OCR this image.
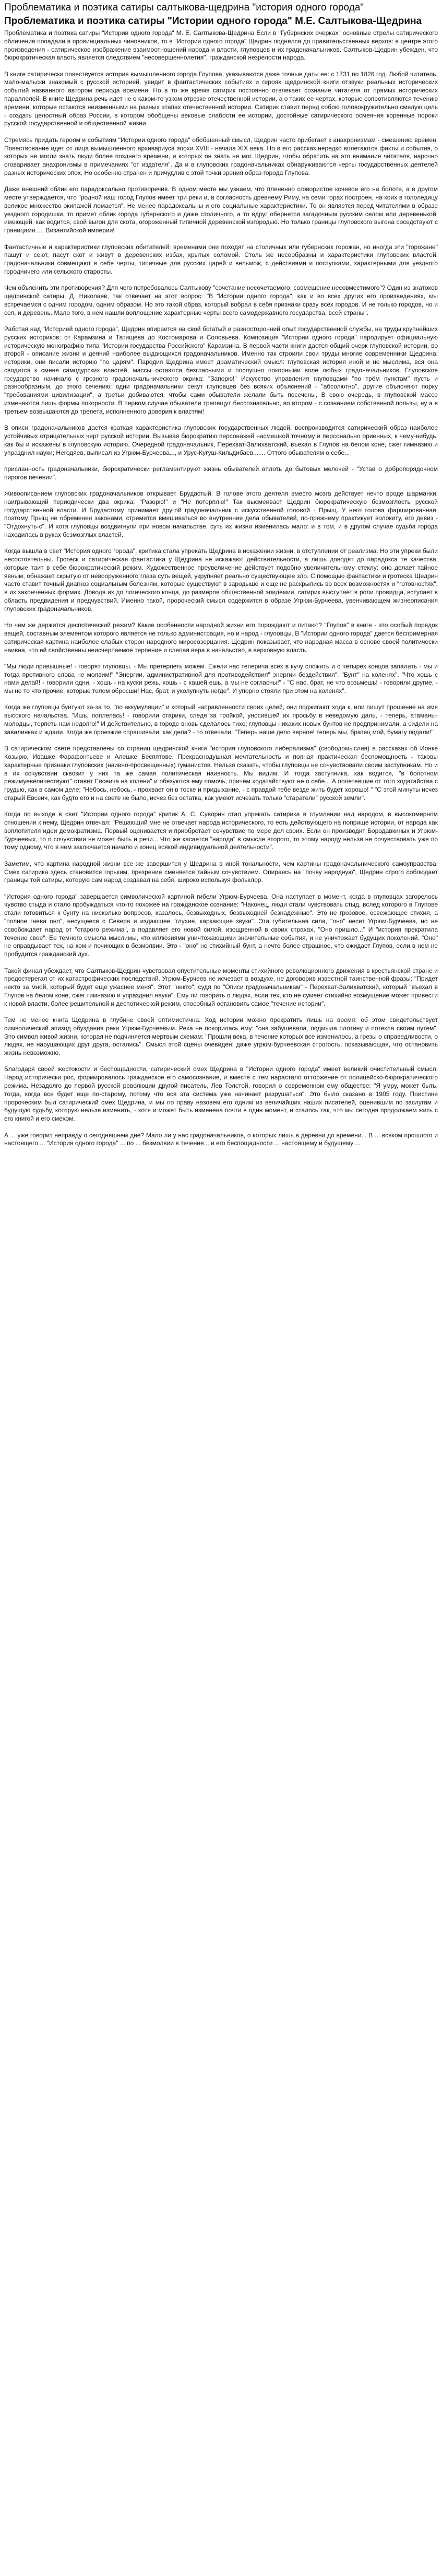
Проблематика и поэтика сатиры салтыкова-щедрина "история одного города"
Проблематика и поэтика сатиры "Истории одного города" М.Е. Салтыкова-Щедрина

Проблематика и поэтика сатиры "Истории одного города" М. Е. Салтыкова-Щедрина Если в "Губернских очерках" основные стрелы сатирического обличения попадали в провинциальных чиновников, то в "Истории одного города" Щедрин поднялся до правительственных верхов: в центре этого произведения - сатирическое изображение взаимоотношений народа и власти, глуповцев и их градоначальников. Салтыков-Щедрин убежден, что бюрократическая власть является следствием "несовершеннолетия", гражданской незрелости народа.

В книге сатирически повествуется история вымышленного города Глупова, указываются даже точные даты ее: с 1731 по 1826 год. Любой читатель, мало-мальски знакомый с русской историей, увидит в фантастических событиях и героях щедринской книги отзвуки реальных исторических событий названного автором периода времени. Но в то же время сатирик постоянно отвлекает сознание читателя от прямых исторических параллелей. В книге Щедрина речь идет не о каком-то узком отрезке отечественной истории, а о таких ее чертах, которые сопротивляются течению времени, которые остаются неизменными на разных этапах отечественной истории. Сатирик ставит перед собою головокружительно смелую цель - создать целостный образ России, в котором обобщены вековые слабости ее истории, достойные сатирического осмеяния коренные пороки русской государственной и общественной жизни.

Стремясь придать героям и событиям "Истории одного города" обобщенный смысл, Щедрин часто прибегает к анахронизмам - смешению времен. Повествование идет от лица вымышленного архивариуса эпохи XVIII - начала XIX века. Но в его рассказ нередко вплетаются факты и события, о которых не могли знать люди более позднего времени, и которых он знать не мог. Щедрин, чтобы обратить на это внимание читателя, нарочно оговаривает анахронизмы в примечаниях "от издателя". Да и в глуповских градоначальниках обнаруживаются черты государственных деятелей разных исторических эпох. Но особенно странен и причудлив с этой точки зрения образ города Глупова.

Даже внешний облик его парадоксально противоречив. В одном месте мы узнаем, что плененно сговористое кочевое его на болоте, а в другом месте утверждается, что "родной наш город Глупов имеет три реки и, в согласность древнему Риму, на семи горах построен, на коих в гололедицу великое множество экипажей ломается". Не менее парадоксальны и его социальные характеристики. То он является перед читателями в образе уездного городишки, то примет облик города губернского и даже столичного, а то вдруг обернется загадочным русским селом или деревенькой, имеющей, как водится, свой выгон для скота, огороженный типичной деревенской изгородью. Но только границы глуповского выгона соседствуют с границами..... Византийской империи!

Фантастичные и характеристики глуповских обитателей: временами они походят на столичных или губернских горожан, но иногда эти "горожане" пашут и сеют, пасут скот и живут в деревенских избах, крытых соломой. Столь же несообразны и характеристики глуповских властей: градоначальники совмещают в себе черты, типичные для русских царей и вельмож, с действиями и поступками, характерными для уездного городничего или сельского старосты.

Чем объяснить эти противоречия? Для чего потребовалось Салтыкову "сочетание несочетаемого, совмещение несовместимого"? Один из знатоков щедринской сатиры, Д. Николаев, так отвечает на этот вопрос: "В "Истории одного города", как и во всех других его произведениях, мы встречаемся с одним городом, одним образом. Но это такой образ, который вобрал в себя признаки сразу всех городов. И не только городов, но и сел, и деревень. Мало того, в нем нашли воплощение характерные черты всего самодержавного государства, всей страны".

Работая над "Историей одного города", Щедрин опирается на свой богатый и разносторонний опыт государственной службы, на труды крупнейших русских историков: от Карамзина и Татищева до Костомарова и Соловьева. Композиция "Истории одного города" пародирует официальную историческую монографию типа "Истории государства Российского" Карамзина. В первой части книги дается общий очерк глуповской истории, во второй - описание жизни и деяний наиболее выдающихся градоначальников. Именно так строили свои труды многие современники Щедрина: историки, они писали историю "по царям". Пародия Щедрина имеет драматический смысл: глуповская история иной и не мыслима, вся она сводится к смене самодурских властей, массы остаются безгласными и послушно покорными воле любых градоначальников. Глуповское государство начинало с грозного градоначальнического окрика: "Запорю!" Искусство управления глуповцами "по трём пунктам" пусть и разнообразным, до этого сечению: одни градоначальники секут глуповцев без всяких объяснений - "абсолютно", другие объясняют порку "требованиями цивилизации", а третьи добиваются, чтобы сами обыватели желали быть посечены, В свою очередь, в глуповской массе изменяются лишь формы покорности. В первом случае обыватели трепещут бессознательно, во втором - с сознанием собственной пользы, ну а в третьем возвышаются до трепета, исполненного доверия к властям!

В описи градоначальников дается краткая характеристика глуповских государственных людей, воспроизводится сатирический образ наиболее устойчивых отрицательных черт русской истории. Вызывая бюрократию персонажей насмешкой точному и персонально ориенных, к чему-нибудь, как бы и искажены в глуповскую историю. Очередной градоначальник, Перехват-Залихватский, въехал в Глупов на белом коне, сжег гимназию и упразднил науки; Негодяев, выписал из Угрюм-Бурчеева..., и Урус-Кугуш-Кильдибаев....... Оттого обывателям о себе...

присланность градоначальники, бюрократически регламентируют жизнь обывателей вплоть до бытовых мелочей - "Устав о добропорядочном пирогов печении".

Живоописанием глуповских градоначальников открывает Брудастый. В голове этого деятеля вместо мозга действует нечто вроде шарманки, наигрывающий периодически два окрика: "Разорю!" и "Не потерплю!" Так высмеивает Щедрин бюрократическую безмозглость русской государственной власти. И Брудастому принимает другой градоначальник с искусственной головой - Прыщ. У него голова фаршированная, поэтому Прыщ не обременен законами, стремится вмешиваться во внутренние дела обывателей, по-прежнему практикует волокиту, его девиз - "Отдохнуть-с". И хотя глуповцы воздвигнули при новом начальстве, суть их жизни изменилась мало: и в том, и в другом случае судьба города находилась в руках безмозглых властей.

Когда вышла в свет "История одного города", критика стала упрекать Щедрина в искажении жизни, в отступлении от реализма. Но эти упреки были несостоятельны. Гротеск и сатирическая фантастика у Щедрина не искажают действительности, а лишь доводят до парадокса те качества, которые таит в себе бюрократический режим. Художественное преувеличение действует подобно увеличительному стеклу: оно делает тайное явным, обнажает скрытую от невооруженного глаза суть вещей, укрупняет реально существующее зло. С помощью фантастики и гротеска Щедрин часто ставит точный диагноз социальным болезням, которые существуют в зародыше и еще не раскрылись во всех возможностях и "готовностях", в их законченных формах. Доводя их до логического конца, до размеров общественной эпидемии, сатирик выступает в роли провидца, вступает в область предвидения и предчувствий. Именно такой, пророческий смысл содержится в образе Угрюм-Бурчеева, увенчивающем жизнеописания глуповских градоначальников.

Но чем же держится деспотический режим? Какие особенности народной жизни его порождают и питают? "Глупов" в книге - это особый порядок вещей, составным элементом которого является не только администрация, но и народ - глуповцы. В "Истории одного города" дается беспримерная сатирическая картина наиболее слабых сторон народного миросозерцания. Щедрин показывает, что народная масса в основе своей политически наивна, что ей свойственны неисчерпаемое терпение и слепая вера в начальство, в верховную власть.

"Мы люди привышные! - говорят глуповцы. - Мы претерпеть можем. Ежели нас теперича всех в кучу сложить и с четырех концов запалить - мы и тогда противного слова не молвим!" "Энергии, административной для противодействия" энергии бездействия". "Бунт" на коленях". "Что хошь с нами делай! - говорили одни, - хошь - на куски режь, хошь - с кашей ешь, а мы не согласны!" - "С нас, брат, не что возьмешь! - говорили другие, - мы не то что прочие, которые телом обросши! Нас, брат, и уколупнуть негде". И упорно стояли при этом на коленях".

Когда же глуповцы бунтуют за-за то, "по аккумуляции" и который направленности своих целей, они поджигают хода к, или пишут прошение на имя высокого начальства. "Ишь, поплелась! - говорили старики, следя за тройкой, уносившей их просьбу в неведомую даль, - теперь, атаманы-молодцы, терпеть нам недолго!" И действительно, в городе вновь сделалось тихо; глуповцы никаких новых бунтов не предпринимали, а сидели на завалинках и ждали. Когда же проезжие спрашивали: как дела? - то отвечали: "Теперь наше дело верное! теперь мы, братец мой, бумагу подали!"

В сатирическом свете представлены со страниц щедринской книги "история глуповского либерализма" (свободомыслия) в рассказах об Ионке Козырю, Ивашке Фарафонтьеве и Алешке Беспятове. Прекраснодушная мечтательность и полная практическая беспомощность - таковы характерные признаки глуповских (наивно-просвещенных) гуманистов. Нельзя сказать, чтобы глуповцы не сочувствовали своим заступникам. Но и в их сочувствии сквозит у них та же самая политическая наивность. Мы видим. И тогда заступника, как водится, "в болотном режимуевеличествуют" ставят Евсеича на колени" и обязуются ему помочь, причём ходатайствуют не о себе... А полетевшие от того ходатайства с грудью, как в самом деле; "Небось, небось, - прохвает он в тоске и придыхание, - с правдой тебе везде жить будет хорошо! " "С этой минуты исчез старый Евсеич, как будто его и на свете не было, исчез без остатка, как умеют исчезать только "старатели" русской земли".

Когда по выходе в свет "Истории одного города" критик А. С. Суворин стал упрекать сатирика в глумлении над народом, в высокомерном отношении к нему, Щедрин отвечал: "Решающий мне не отвечает народа исторического, то есть действующего на поприще истории, от народа как воплотителя идеи демократизма. Первый оценивается и приобретает сочувствие по мере дел своих. Если он производит Бородавкиных и Угрюм-Бурчеевых, то о сочувствии не может быть и речи... Что же касается "народа" в смысле второго, то этому народу нельзя не сочувствовать уже по тому одному, что в нем заключается начало и конец всякой индивидуальной деятельности".

Заметим, что картина народной жизни все же завершится у Щедрина в иной тональности, чем картины градоначальнического самоуправства. Смех сатирика здесь становится горьким, презрение сменяется тайным сочувствием. Опираясь на "почву народную", Щедрин строго соблюдает границы той сатиры, которую сам народ создавал на себя, широко используя фольклор.

"История одного города" завершается символической картиной гибели Угрюм-Бурчеева. Она наступает в момент, когда в глуповцах загорелось чувство стыда и стало пробуждаться что-то похожее на гражданское сознание: "Наконец, люди стали чувствовать стыд, вслед которого в Глупове стали готовиться к бунту на нисколько вопросов, казалось, безвыходных, безвыходней безнадежные". Это не грозовое, освежающее стихия, а "полное гнева оно", несущееся с Севера и издающее "глухие, каркающие звуки". Эта губительная сила, "оно" несет Угрюм-Бурчеева, но не освобождает народ от "старого режима", а подавляет его новой силой, изощренной в своих страхах, "Оно пришло..." И "история прекратила течение свое". Ее темного смысла мыслимы, что иллюзиями уничтожающими значительные события, и не уничтожает будущих поколений. "Оно" не оправдывает тех, на ком и почиющих в безмолвии. Это - "оно" не стихийный бунт, а нечто более страшное, что ожидает Глупов, если в нем не пробудится гражданский дух.

Такой финал убеждает, что Салтыков-Щедрин чувствовал опустительные моменты стихийного революционного движения в крестьянской стране и предостерегал от их катастрофических последствий. Угрюм-Бурчеев не исчезает в воздухе, не договорив известной таинственной фразы: "Придет некто за мной, который будет еще ужаснее меня". Этот "некто", судя по "Описи градоначальникам" - Перехват-Залихватский, который "въехал в Глупов на белом коне, сжег гимназию и упразднил науки". Ему ли говорить о людях, если тех, кто не сумеет стихийно возмущение может привести к новой власти, более решительной и деспотической режим, способный остановить самое "течение истории".

Тем не менее книга Щедрина в глубине своей оптимистична. Ход истории можно прекратить лишь на время: об этом свидетельствует символический эпизод обуздания реки Угрюм-Бурчеевым. Река не покорилась ему: "она забушевала, подмыла плотину и потекла своим путем". Это символ живой жизни, которая не подчиняется мертвым схемам: "Прошли века, в течение которых все изменилось, а грезы о справедливости, о людях, не нарушающих друг друга, остались". Смысл этой сцены очевиден: даже угрюм-бурчеевская строгость, показывающая, что остановить жизнь невозможно.

Благодаря своей жестокости и беспощадности, сатирический смех Щедрина в "Истории одного города" имеет великий очистительный смысл. Народ исторически рос, формировалось гражданское его самосознание, и вместе с тем нарастало отторжение от полицейско-бюрократического режима. Незадолго до первой русской революции другой писатель, Лев Толстой, говорил о современном ему обществе: "Я умру, может быть, тогда, когда все будет еще по-старому, потому что вся эта система уже начинает разрушаться". Это было сказано в 1905 году. Поистине пророческим был сатирический смех Щедрина, и мы по праву назовем его одним из величайших наших писателей, оценившим по заслугам и будущую судьбу, которую нельзя изменить, - хотя и может быть изменена почти в один момент, и сталось так, что мы сегодня продолжаем жить с его книгой и его смехом.

А ... уже говорит неправду о сегодняшнем дне? Мало ли у нас градоначальников, о которых лишь в деревни до времени... В ... всяком прошлого и настоящего ... "История одного города" ... по ... безмолвии в течение... и его беспощадности ... настоящему и будущему ...
